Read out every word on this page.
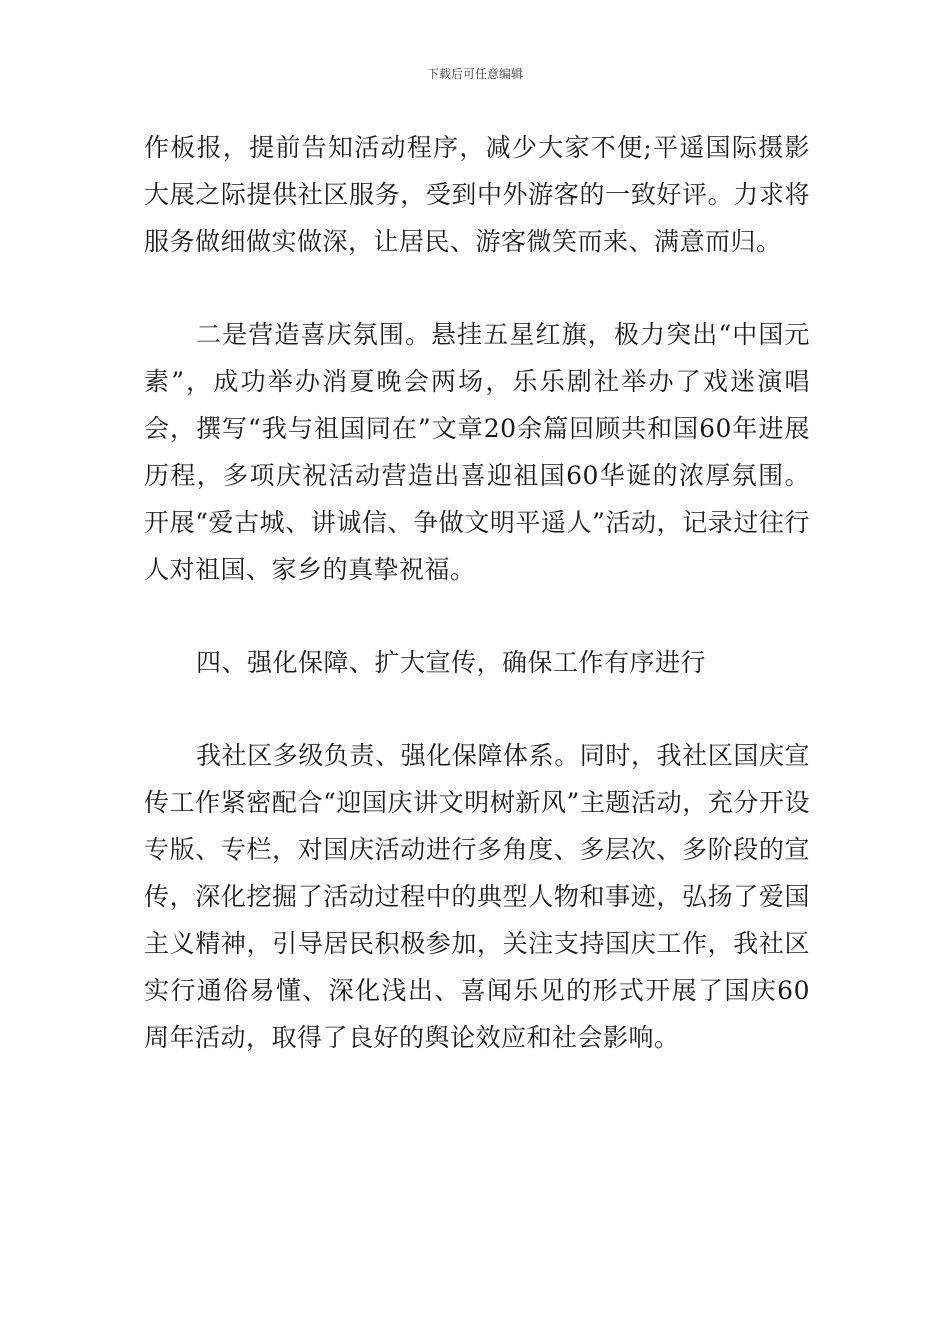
下载后可任意编辑

作板报，提前告知活动程序，减少大家不便;平遥国际摄影大展之际提供社区服务，受到中外游客的一致好评。力求将服务做细做实做深，让居民、游客微笑而来、满意而归。

二是营造喜庆氛围。悬挂五星红旗，极力突出“中国元素”，成功举办消夏晚会两场，乐乐剧社举办了戏迷演唱会，撰写“我与祖国同在”文章20余篇回顾共和国60年进展历程，多项庆祝活动营造出喜迎祖国60华诞的浓厚氛围。开展“爱古城、讲诚信、争做文明平遥人”活动，记录过往行人对祖国、家乡的真挚祝福。

四、强化保障、扩大宣传，确保工作有序进行

我社区多级负责、强化保障体系。同时，我社区国庆宣传工作紧密配合“迎国庆讲文明树新风”主题活动，充分开设专版、专栏，对国庆活动进行多角度、多层次、多阶段的宣传，深化挖掘了活动过程中的典型人物和事迹，弘扬了爱国主义精神，引导居民积极参加，关注支持国庆工作，我社区实行通俗易懂、深化浅出、喜闻乐见的形式开展了国庆60周年活动，取得了良好的舆论效应和社会影响。
